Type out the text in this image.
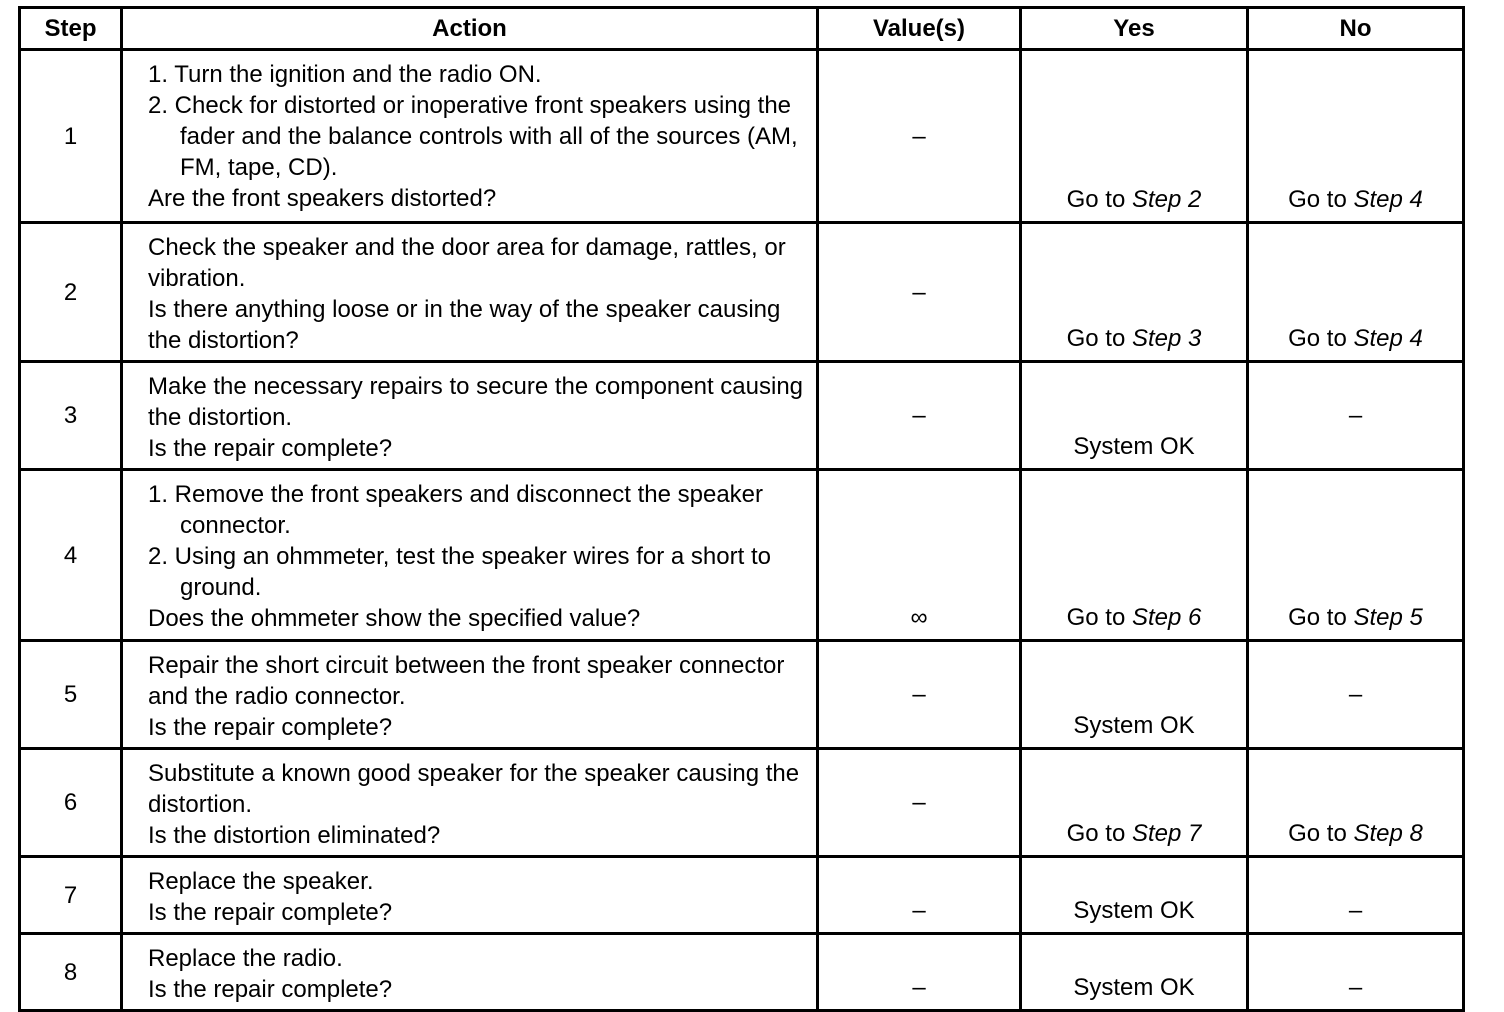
Step	Action	Value(s)	Yes	No
1	1. Turn the ignition and the radio ON.
2. Check for distorted or inoperative front speakers using the fader and the balance controls with all of the sources (AM, FM, tape, CD).
Are the front speakers distorted?	–	Go to Step 2	Go to Step 4
2	Check the speaker and the door area for damage, rattles, or vibration.
Is there anything loose or in the way of the speaker causing the distortion?	–	Go to Step 3	Go to Step 4
3	Make the necessary repairs to secure the component causing the distortion.
Is the repair complete?	–	System OK	–
4	1. Remove the front speakers and disconnect the speaker connector.
2. Using an ohmmeter, test the speaker wires for a short to ground.
Does the ohmmeter show the specified value?	∞	Go to Step 6	Go to Step 5
5	Repair the short circuit between the front speaker connector and the radio connector.
Is the repair complete?	–	System OK	–
6	Substitute a known good speaker for the speaker causing the distortion.
Is the distortion eliminated?	–	Go to Step 7	Go to Step 8
7	Replace the speaker.
Is the repair complete?	–	System OK	–
8	Replace the radio.
Is the repair complete?	–	System OK	–
